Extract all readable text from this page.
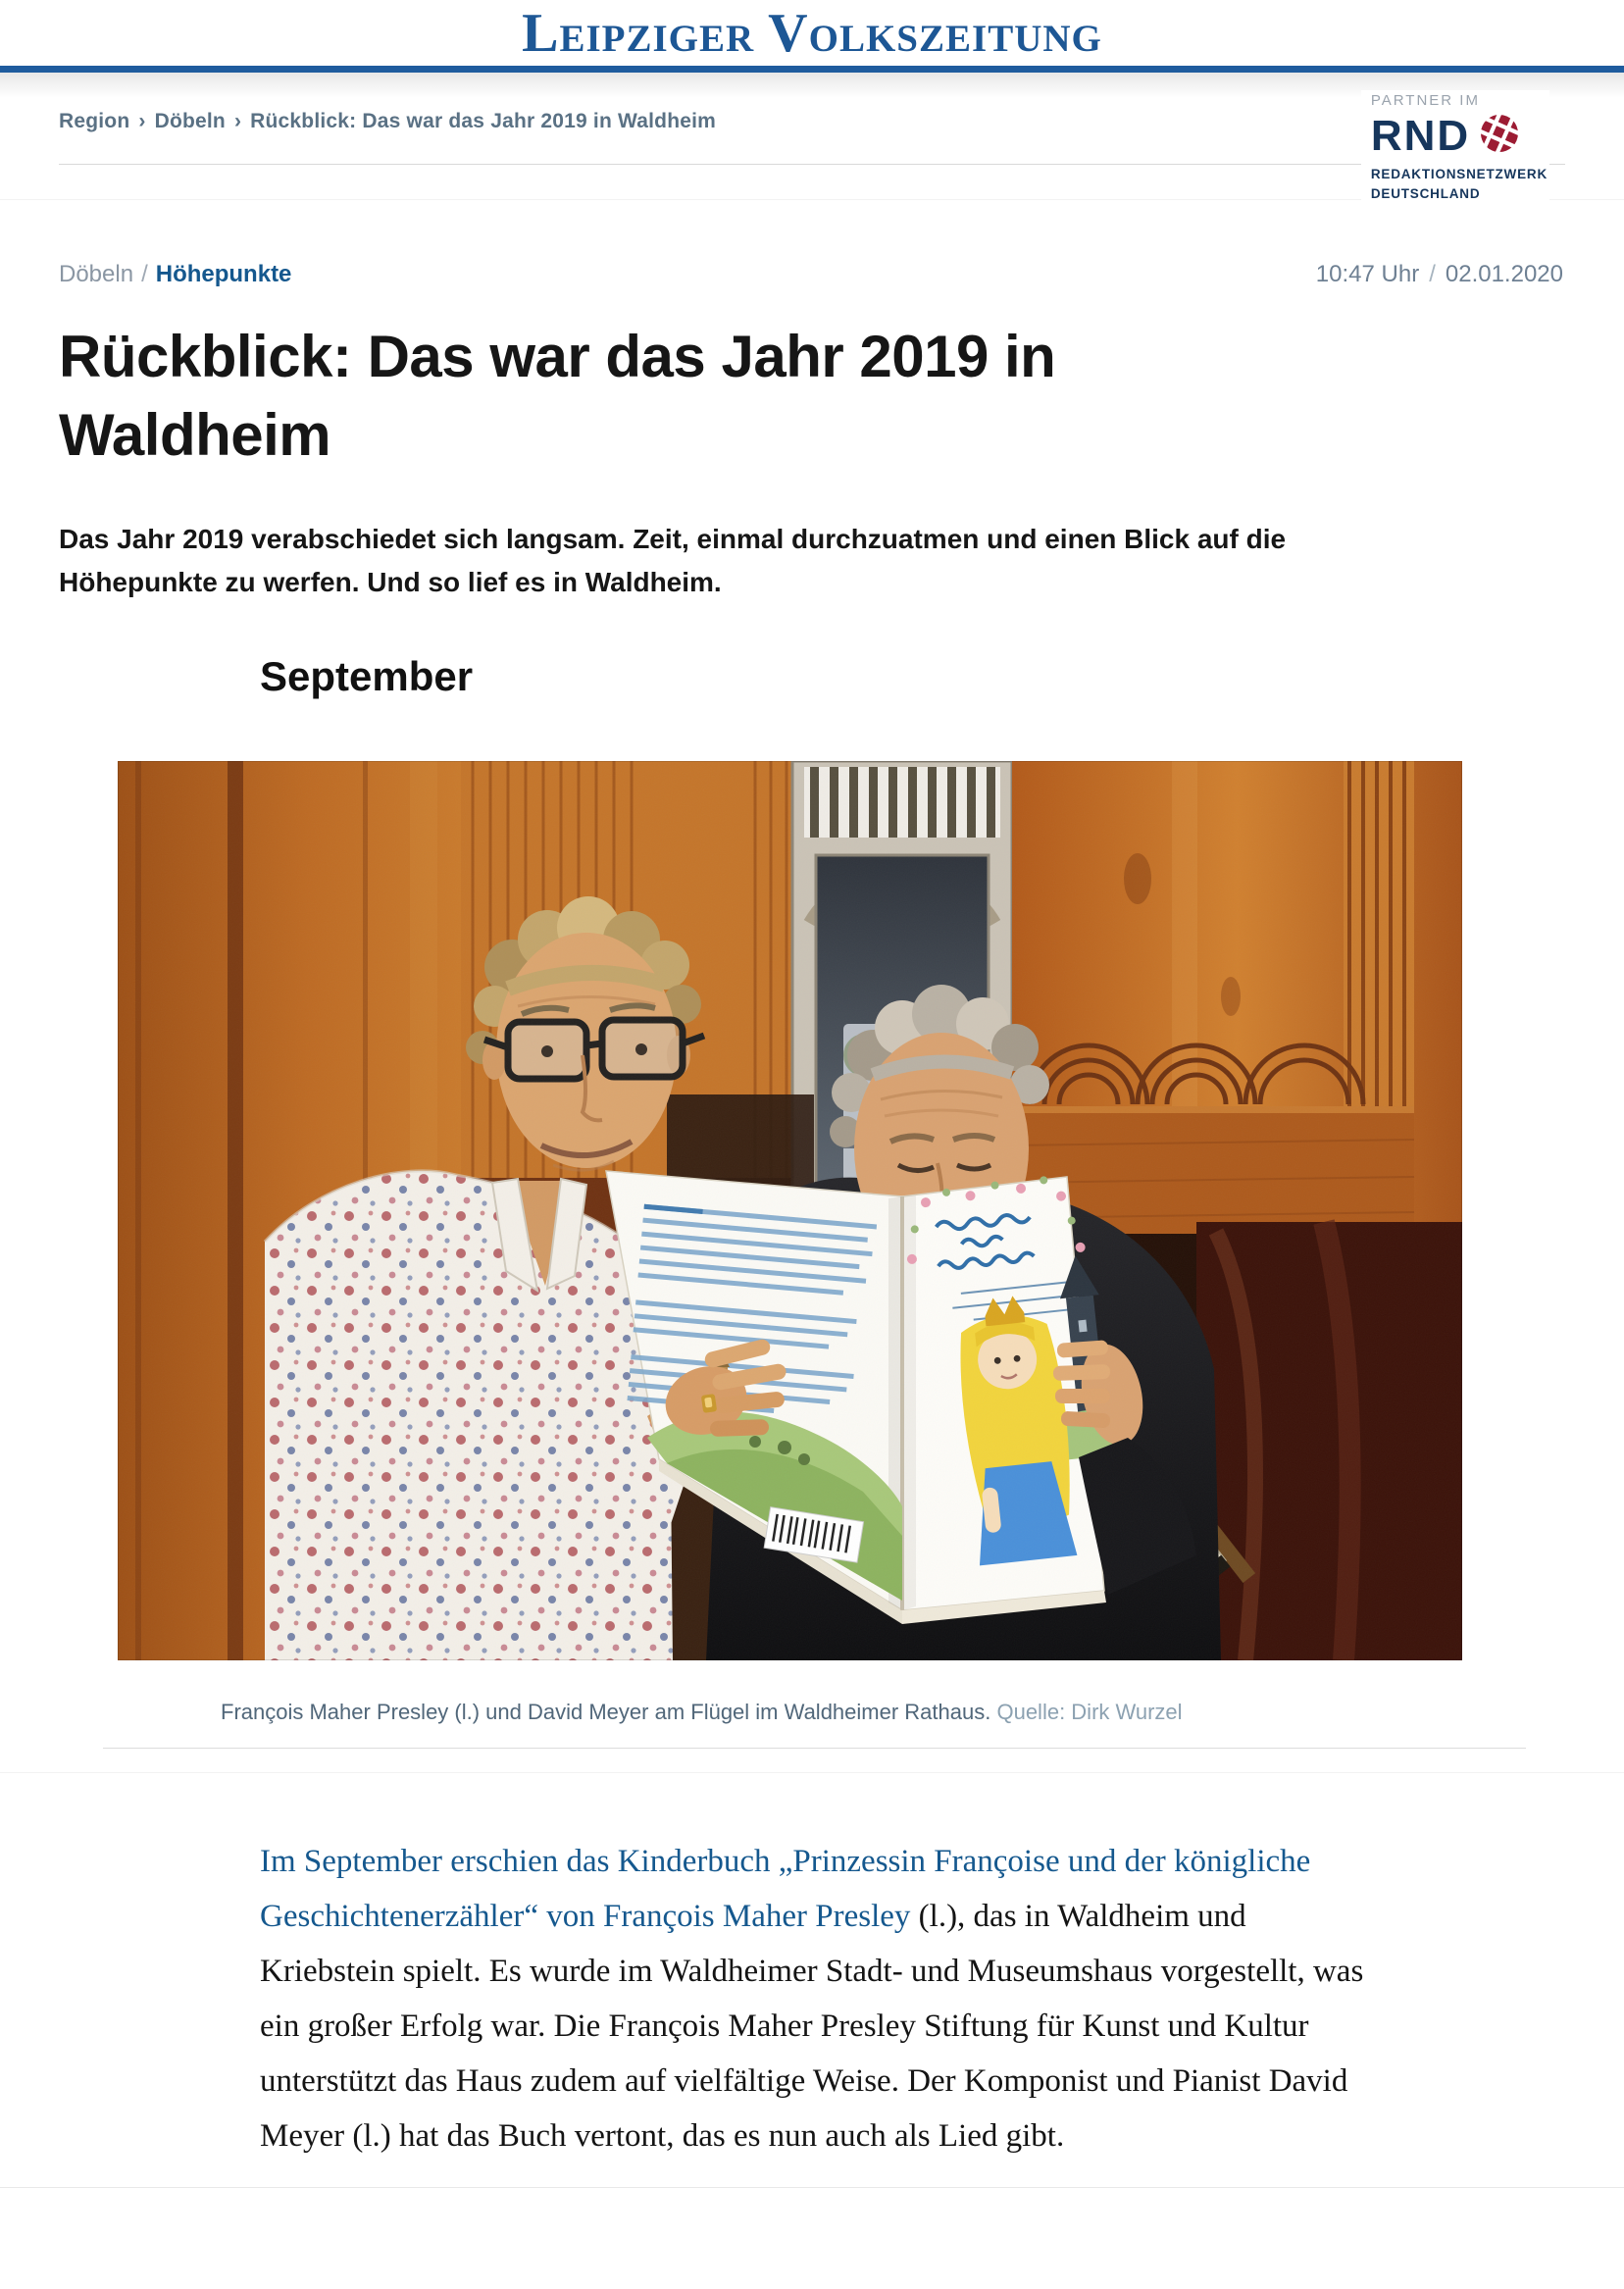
Leipziger Volkszeitung
PARTNER IM
RND
REDAKTIONSNETZWERK
DEUTSCHLAND
Region › Döbeln › Rückblick: Das war das Jahr 2019 in Waldheim
Döbeln / Höhepunkte	10:47 Uhr / 02.01.2020
Rückblick: Das war das Jahr 2019 in Waldheim

Das Jahr 2019 verabschiedet sich langsam. Zeit, einmal durchzuatmen und einen Blick auf die Höhepunkte zu werfen. Und so lief es in Waldheim.

September
François Maher Presley (l.) und David Meyer am Flügel im Waldheimer Rathaus. Quelle: Dirk Wurzel

Im September erschien das Kinderbuch „Prinzessin Françoise und der königliche Geschichtenerzähler“ von François Maher Presley (l.), das in Waldheim und Kriebstein spielt. Es wurde im Waldheimer Stadt- und Museumshaus vorgestellt, was ein großer Erfolg war. Die François Maher Presley Stiftung für Kunst und Kultur unterstützt das Haus zudem auf vielfältige Weise. Der Komponist und Pianist David Meyer (l.) hat das Buch vertont, das es nun auch als Lied gibt.
